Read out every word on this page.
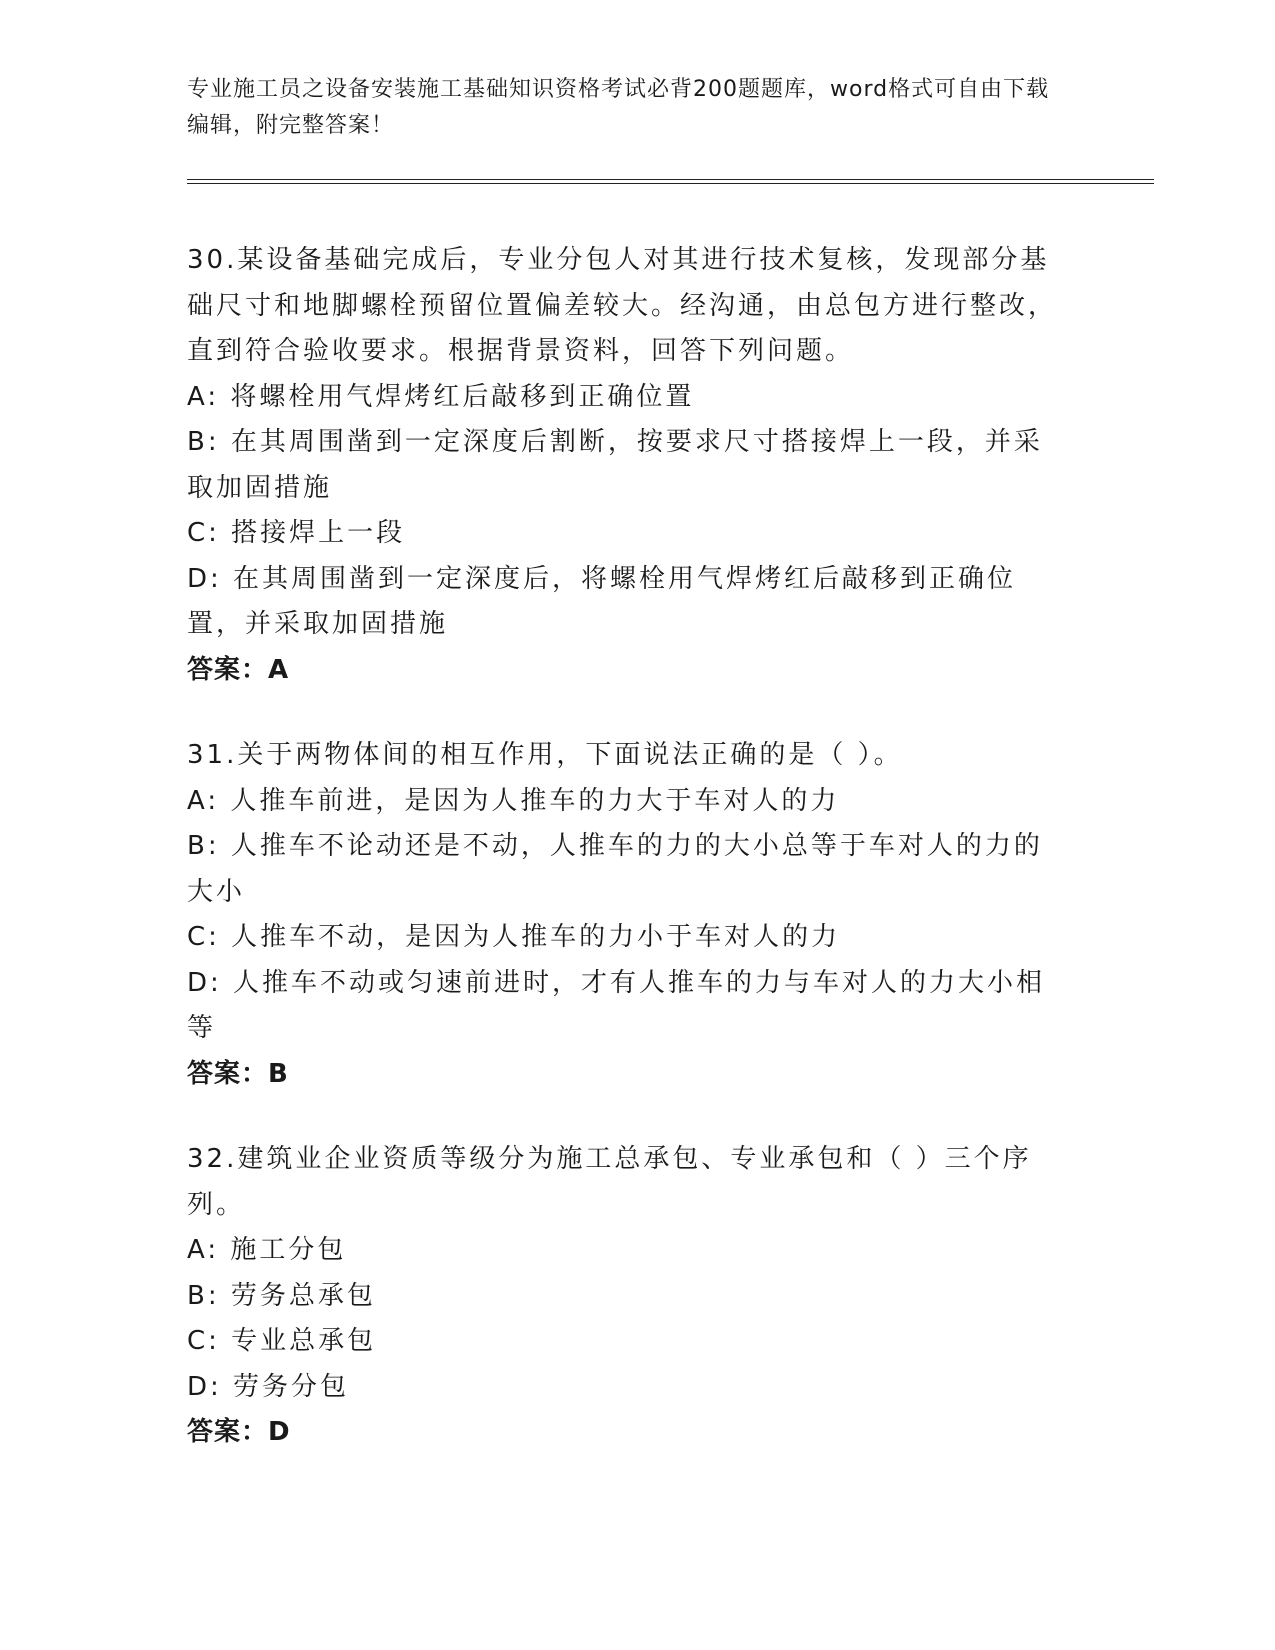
专业施工员之设备安装施工基础知识资格考试必背200题题库，word格式可自由下载编辑，附完整答案！

30.某设备基础完成后，专业分包人对其进行技术复核，发现部分基础尺寸和地脚螺栓预留位置偏差较大。经沟通，由总包方进行整改，直到符合验收要求。根据背景资料，回答下列问题。

A: 将螺栓用气焊烤红后敲移到正确位置

B: 在其周围凿到一定深度后割断，按要求尺寸搭接焊上一段，并采取加固措施

C: 搭接焊上一段

D: 在其周围凿到一定深度后，将螺栓用气焊烤红后敲移到正确位置，并采取加固措施

答案：A

31.关于两物体间的相互作用，下面说法正确的是（ ）。

A: 人推车前进，是因为人推车的力大于车对人的力

B: 人推车不论动还是不动，人推车的力的大小总等于车对人的力的大小

C: 人推车不动，是因为人推车的力小于车对人的力

D: 人推车不动或匀速前进时，才有人推车的力与车对人的力大小相等

答案：B

32.建筑业企业资质等级分为施工总承包、专业承包和（ ）三个序列。

A: 施工分包

B: 劳务总承包

C: 专业总承包

D: 劳务分包

答案：D
